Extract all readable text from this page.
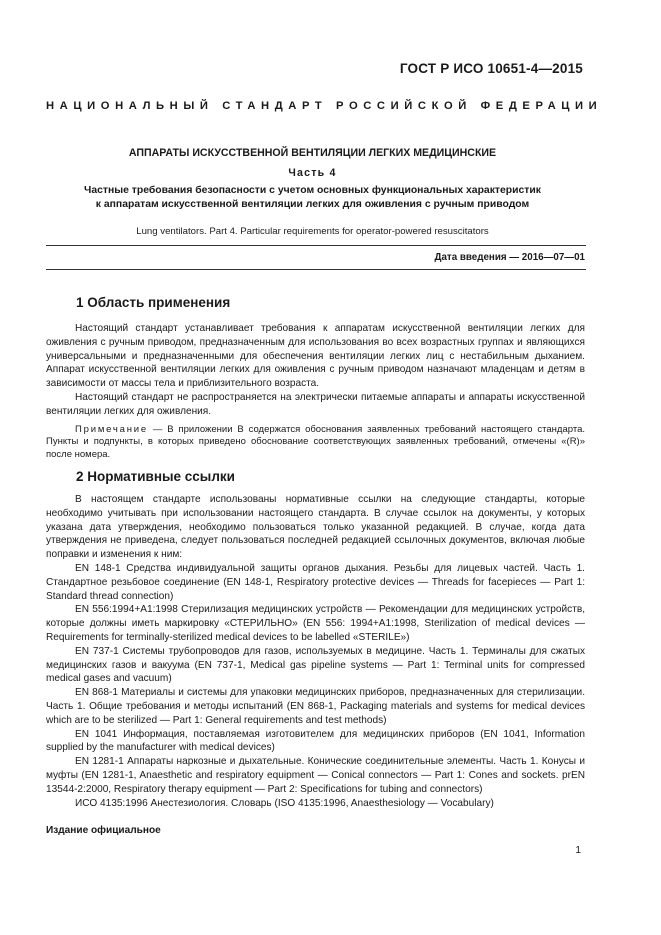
ГОСТ Р ИСО 10651-4—2015
НАЦИОНАЛЬНЫЙ СТАНДАРТ РОССИЙСКОЙ ФЕДЕРАЦИИ
АППАРАТЫ ИСКУССТВЕННОЙ ВЕНТИЛЯЦИИ ЛЕГКИХ МЕДИЦИНСКИЕ
Часть 4
Частные требования безопасности с учетом основных функциональных характеристик
к аппаратам искусственной вентиляции легких для оживления с ручным приводом
Lung ventilators. Part 4. Particular requirements for operator-powered resuscitators
Дата введения — 2016—07—01
1 Область применения

Настоящий стандарт устанавливает требования к аппаратам искусственной вентиляции легких для оживления с ручным приводом, предназначенным для использования во всех возрастных группах и являющихся универсальными и предназначенными для обеспечения вентиляции легких лиц с нестабильным дыханием. Аппарат искусственной вентиляции легких для оживления с ручным приводом назначают младенцам и детям в зависимости от массы тела и приблизительного возраста.

Настоящий стандарт не распространяется на электрически питаемые аппараты и аппараты искусственной вентиляции легких для оживления.

Примечание — В приложении В содержатся обоснования заявленных требований настоящего стандарта. Пункты и подпункты, в которых приведено обоснование соответствующих заявленных требований, отмечены «(R)» после номера.

2 Нормативные ссылки

В настоящем стандарте использованы нормативные ссылки на следующие стандарты, которые необходимо учитывать при использовании настоящего стандарта. В случае ссылок на документы, у которых указана дата утверждения, необходимо пользоваться только указанной редакцией. В случае, когда дата утверждения не приведена, следует пользоваться последней редакцией ссылочных документов, включая любые поправки и изменения к ним:

EN 148-1 Средства индивидуальной защиты органов дыхания. Резьбы для лицевых частей. Часть 1. Стандартное резьбовое соединение (EN 148-1, Respiratory protective devices — Threads for facepieces — Part 1: Standard thread connection)

EN 556:1994+A1:1998 Стерилизация медицинских устройств — Рекомендации для медицинских устройств, которые должны иметь маркировку «СТЕРИЛЬНО» (EN 556: 1994+A1:1998, Sterilization of medical devices — Requirements for terminally-sterilized medical devices to be labelled «STERILE»)

EN 737-1 Системы трубопроводов для газов, используемых в медицине. Часть 1. Терминалы для сжатых медицинских газов и вакуума (EN 737-1, Medical gas pipeline systems — Part 1: Terminal units for compressed medical gases and vacuum)

EN 868-1 Материалы и системы для упаковки медицинских приборов, предназначенных для стерилизации. Часть 1. Общие требования и методы испытаний (EN 868-1, Packaging materials and systems for medical devices which are to be sterilized — Part 1: General requirements and test methods)

EN 1041 Информация, поставляемая изготовителем для медицинских приборов (EN 1041, Information supplied by the manufacturer with medical devices)

EN 1281-1 Аппараты наркозные и дыхательные. Конические соединительные элементы. Часть 1. Конусы и муфты (EN 1281-1, Anaesthetic and respiratory equipment — Conical connectors — Part 1: Cones and sockets. prEN 13544-2:2000, Respiratory therapy equipment — Part 2: Specifications for tubing and connectors)

ИСО 4135:1996 Анестезиология. Словарь (ISO 4135:1996, Anaesthesiology — Vocabulary)

Издание официальное
1
